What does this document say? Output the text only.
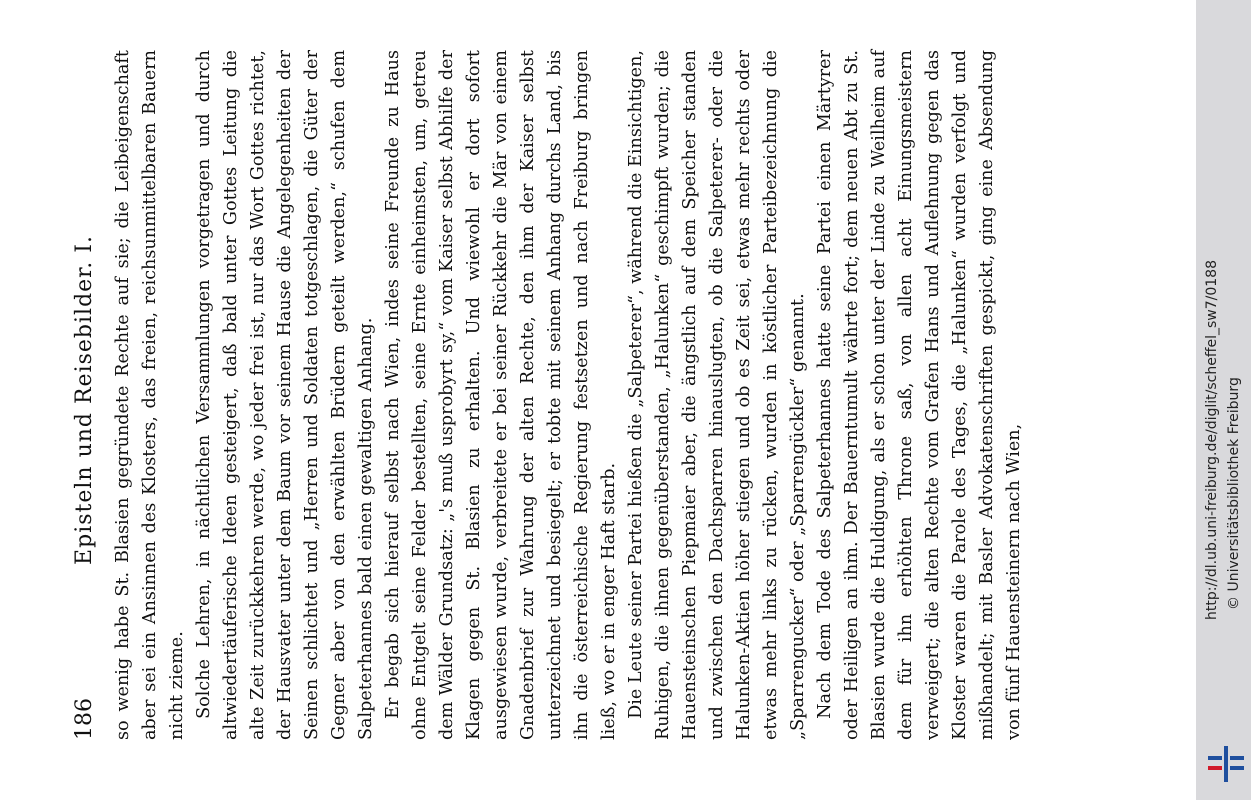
186
Episteln und Reisebilder. I. so wenig habe St. Blasien gegründete Rechte auf sie; die Leibeigenschaft aber sei ein Ansinnen des Klosters, das freien, reichsunmittelbaren Bauern nicht zieme. Solche Lehren, in nächtlichen Versammlungen vorgetragen und durch altwiedertäuferische Ideen gesteigert, daß bald unter Gottes Leitung die alte Zeit zurückkehren werde, wo jeder frei ist, nur das Wort Gottes richtet, der Hausvater unter dem Baum vor seinem Hause die Angelegenheiten der Seinen schlichtet und „Herren und Soldaten totgeschlagen, die Güter der Gegner aber von den erwählten Brüdern geteilt werden,“ schufen dem Salpeterhannes bald einen gewaltigen Anhang. Er begab sich hierauf selbst nach Wien, indes seine Freunde zu Haus ohne Entgelt seine Felder bestellten, seine Ernte einheimsten, um, getreu dem Wälder Grundsatz: „'s muß usprobyrt sy,“ vom Kaiser selbst Abhilfe der Klagen gegen St. Blasien zu erhalten. Und wiewohl er dort sofort ausgewiesen wurde, verbreitete er bei seiner Rückkehr die Mär von einem Gnadenbrief zur Wahrung der alten Rechte, den ihm der Kaiser selbst unterzeichnet und besiegelt; er tobte mit seinem Anhang durchs Land, bis ihn die österreichische Regierung festsetzen und nach Freiburg bringen ließ, wo er in enger Haft starb. Die Leute seiner Partei hießen die „Salpeterer“, während die Einsichtigen, Ruhigen, die ihnen gegenüberstanden, „Halunken“ geschimpft wurden; die Hauensteinschen Piepmaier aber, die ängstlich auf dem Speicher standen und zwischen den Dachsparren hinauslugten, ob die Salpeterer- oder die Halunken-Aktien höher stiegen und ob es Zeit sei, etwas mehr rechts oder etwas mehr links zu rücken, wurden in köstlicher Parteibezeichnung die „Sparrengucker“ oder „Sparrengückler“ genannt. Nach dem Tode des Salpeterhannes hatte seine Partei einen Märtyrer oder Heiligen an ihm. Der Bauerntumult währte fort; dem neuen Abt zu St. Blasien wurde die Huldigung, als er schon unter der Linde zu Weilheim auf dem für ihn erhöhten Throne saß, von allen acht Einungsmeistern verweigert; die alten Rechte vom Grafen Hans und Auflehnung gegen das Kloster waren die Parole des Tages, die „Halunken“ wurden verfolgt und mißhandelt; mit Basler Advokatenschriften gespickt, ging eine Absendung von fünf Hauensteinern nach Wien,	http://dl.ub.uni-freiburg.de/diglit/scheffel_sw7/0188 © Universitätsbibliothek Freiburg
